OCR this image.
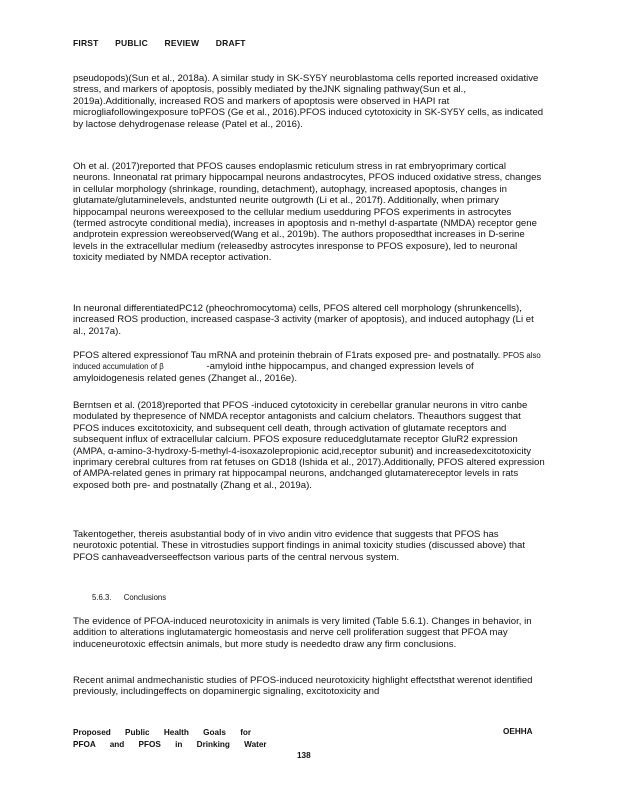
FIRST PUBLIC REVIEW DRAFT

pseudopods)(Sun et al., 2018a). A similar study in SK-SY5Y neuroblastoma cells reported increased oxidative stress, and markers of apoptosis, possibly mediated by theJNK signaling pathway(Sun et al., 2019a).Additionally, increased ROS and markers of apoptosis were observed in HAPI rat microgliafollowingexposure toPFOS (Ge et al., 2016).PFOS induced cytotoxicity in SK-SY5Y cells, as indicated by lactose dehydrogenase release (Patel et al., 2016).

Oh et al. (2017)reported that PFOS causes endoplasmic reticulum stress in rat embryoprimary cortical neurons. Inneonatal rat primary hippocampal neurons andastrocytes, PFOS induced oxidative stress, changes in cellular morphology (shrinkage, rounding, detachment), autophagy, increased apoptosis, changes in glutamate/glutaminelevels, andstunted neurite outgrowth (Li et al., 2017f). Additionally, when primary hippocampal neurons wereexposed to the cellular medium usedduring PFOS experiments in astrocytes (termed astrocyte conditional media), increases in apoptosis and n-methyl d-aspartate (NMDA) receptor gene andprotein expression wereobserved(Wang et al., 2019b). The authors proposedthat increases in D-serine levels in the extracellular medium (releasedby astrocytes inresponse to PFOS exposure), led to neuronal toxicity mediated by NMDA receptor activation.

In neuronal differentiatedPC12 (pheochromocytoma) cells, PFOS altered cell morphology (shrunkencells), increased ROS production, increased caspase-3 activity (marker of apoptosis), and induced autophagy (Li et al., 2017a).

PFOS altered expressionof Tau mRNA and proteinin thebrain of F1rats exposed pre- and postnatally. PFOS also induced accumulation of β	-amyloid inthe hippocampus, and changed expression levels of amyloidogenesis related genes (Zhanget al., 2016e).

Berntsen et al. (2018)reported that PFOS -induced cytotoxicity in cerebellar granular neurons in vitro canbe modulated by thepresence of NMDA receptor antagonists and calcium chelators. Theauthors suggest that PFOS induces excitotoxicity, and subsequent cell death, through activation of glutamate receptors and subsequent influx of extracellular calcium. PFOS exposure reducedglutamate receptor GluR2 expression (AMPA, α-amino-3-hydroxy-5-methyl-4-isoxazolepropionic acid,receptor subunit) and increasedexcitotoxicity inprimary cerebral cultures from rat fetuses on GD18 (Ishida et al., 2017).Additionally, PFOS altered expression of AMPA-related genes in primary rat hippocampal neurons, andchanged glutamatereceptor levels in rats exposed both pre- and postnatally (Zhang et al., 2019a).

Takentogether, thereis asubstantial body of in vivo andin vitro evidence that suggests that PFOS has neurotoxic potential. These in vitrostudies support findings in animal toxicity studies (discussed above) that PFOS canhaveadverseeffectson various parts of the central nervous system.

5.6.3. Conclusions

The evidence of PFOA-induced neurotoxicity in animals is very limited (Table 5.6.1). Changes in behavior, in addition to alterations inglutamatergic homeostasis and nerve cell proliferation suggest that PFOA may induceneurotoxic effectsin animals, but more study is neededto draw any firm conclusions.

Recent animal andmechanistic studies of PFOS-induced neurotoxicity highlight effectsthat werenot identified previously, includingeffects on dopaminergic signaling, excitotoxicity and

Proposed Public Health Goals for
PFOA and PFOS in Drinking Water
OEHHA
138
